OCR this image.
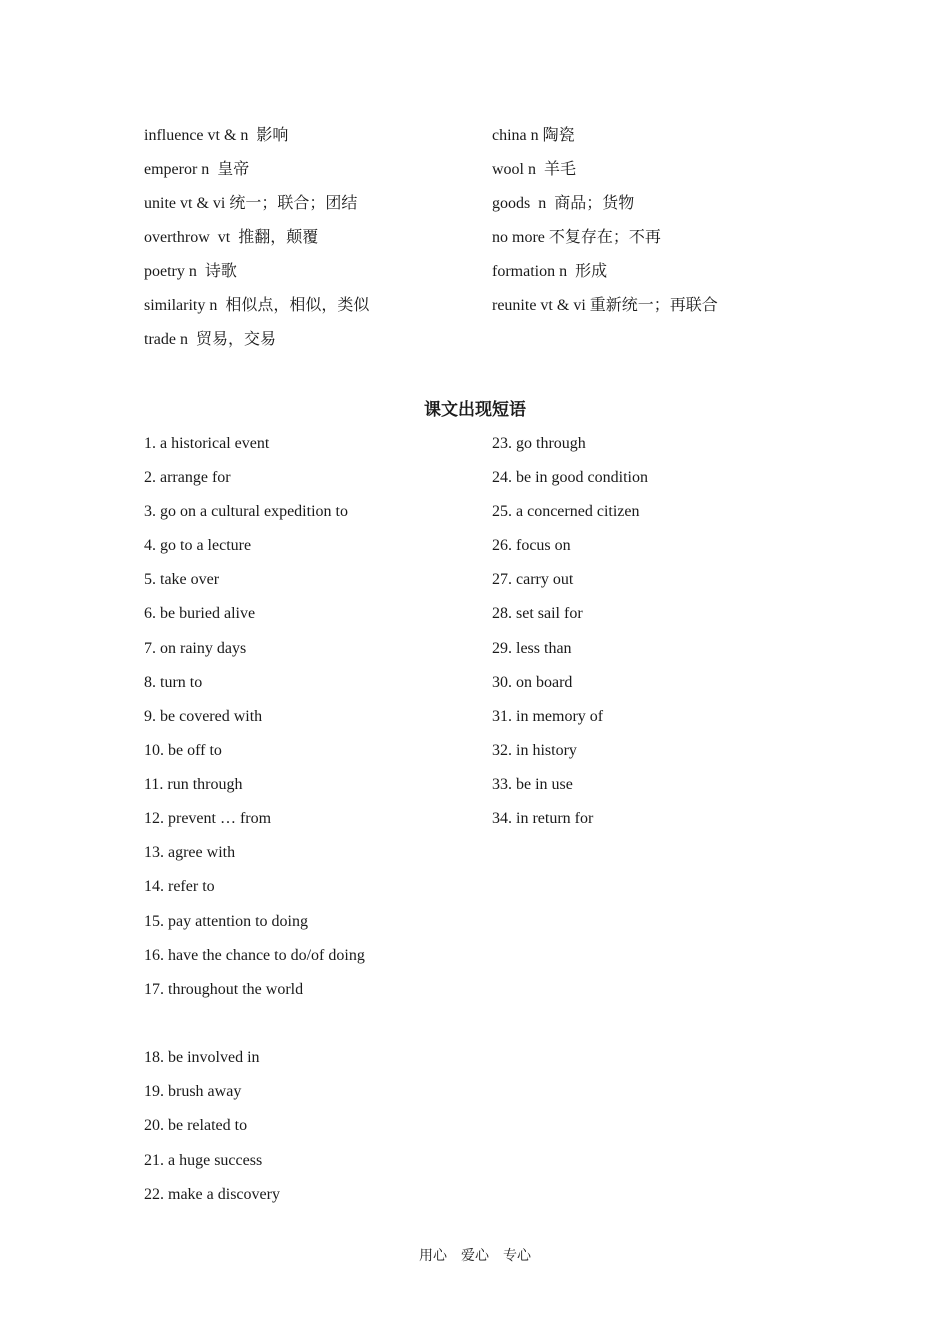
influence vt & n  影响
emperor n  皇帝
unite vt & vi 统一；联合；团结
overthrow  vt  推翻，颠覆
poetry n  诗歌
similarity n  相似点，相似，类似
trade n  贸易，交易
china n 陶瓷
wool n  羊毛
goods  n  商品；货物
no more 不复存在；不再
formation n  形成
reunite vt & vi 重新统一；再联合
课文出现短语
1. a historical event
2. arrange for
3. go on a cultural expedition to
4. go to a lecture
5. take over
6. be buried alive
7. on rainy days
8. turn to
9. be covered with
10. be off to
11. run through
12. prevent … from
13. agree with
14. refer to
15. pay attention to doing
16. have the chance to do/of doing
17. throughout the world
18. be involved in
19. brush away
20. be related to
21. a huge success
22. make a discovery
23. go through
24. be in good condition
25. a concerned citizen
26. focus on
27. carry out
28. set sail for
29. less than
30. on board
31. in memory of
32. in history
33. be in use
34. in return for
用心    爱心    专心
